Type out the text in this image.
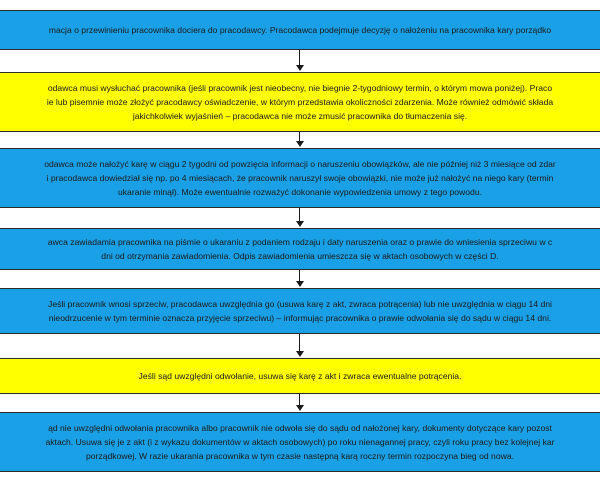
macja o przewinieniu pracownika dociera do pracodawcy. Pracodawca podejmuje decyzję o nałożeniu na pracownika kary porządko
odawca musi wysłuchać pracownika (jeśli pracownik jest nieobecny, nie biegnie 2-tygodniowy termin, o którym mowa poniżej). Praco
ie lub pisemnie może złożyć pracodawcy oświadczenie, w którym przedstawia okoliczności zdarzenia. Może również odmówić składa
jakichkolwiek wyjaśnień – pracodawca nie może zmusić pracownika do tłumaczenia się.
odawca może nałożyć karę w ciągu 2 tygodni od powzięcia informacji o naruszeniu obowiązków, ale nie później niż 3 miesiące od zdar
i pracodawca dowiedział się np. po 4 miesiącach, że pracownik naruszył swoje obowiązki, nie może już nałożyć na niego kary (termin
ukaranie minął). Może ewentualnie rozważyć dokonanie wypowiedzenia umowy z tego powodu.
awca zawiadamia pracownika na piśmie o ukaraniu z podaniem rodzaju i daty naruszenia oraz o prawie do wniesienia sprzeciwu w c
dni od otrzymania zawiadomienia. Odpis zawiadomienia umieszcza się w aktach osobowych w części D.
Jeśli pracownik wnosi sprzeciw, pracodawca uwzględnia go (usuwa karę z akt, zwraca potrącenia) lub nie uwzględnia w ciągu 14 dni
nieodrzucenie w tym terminie oznacza przyjęcie sprzeciwu) – informując pracownika o prawie odwołania się do sądu w ciągu 14 dni.
Jeśli sąd uwzględni odwołanie, usuwa się karę z akt i zwraca ewentualne potrącenia.
ąd nie uwzględni odwołania pracownika albo pracownik nie odwoła się do sądu od nałożonej kary, dokumenty dotyczące kary pozost
aktach. Usuwa się je z akt (i z wykazu dokumentów w aktach osobowych) po roku nienagannej pracy, czyli roku pracy bez kolejnej kar
porządkowej. W razie ukarania pracownika w tym czasie następną karą roczny termin rozpoczyna bieg od nowa.
